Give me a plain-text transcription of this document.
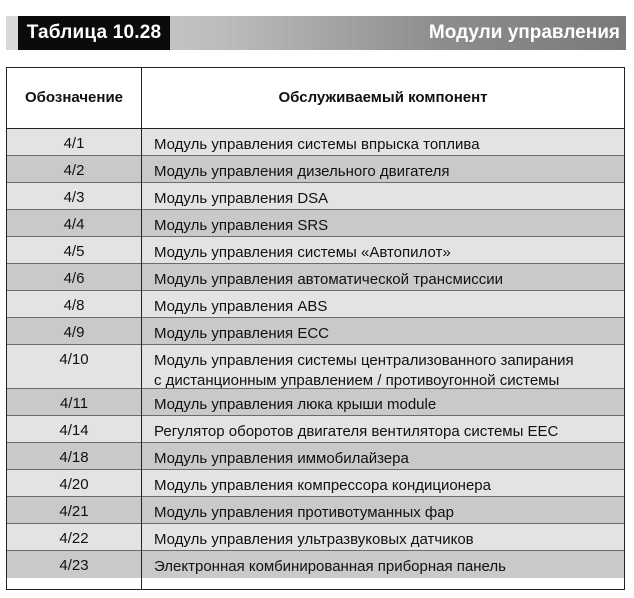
Таблица 10.28	Модули управления
Обозначение	Обслуживаемый компонент
4/1	Модуль управления системы впрыска топлива
4/2	Модуль управления дизельного двигателя
4/3	Модуль управления DSA
4/4	Модуль управления SRS
4/5	Модуль управления системы «Автопилот»
4/6	Модуль управления автоматической трансмиссии
4/8	Модуль управления ABS
4/9	Модуль управления ECC
4/10	Модуль управления системы централизованного запирания
с дистанционным управлением / противоугонной системы
4/11	Модуль управления люка крыши module
4/14	Регулятор оборотов двигателя вентилятора системы EEC
4/18	Модуль управления иммобилайзера
4/20	Модуль управления компрессора кондиционера
4/21	Модуль управления противотуманных фар
4/22	Модуль управления ультразвуковых датчиков
4/23	Электронная комбинированная приборная панель
